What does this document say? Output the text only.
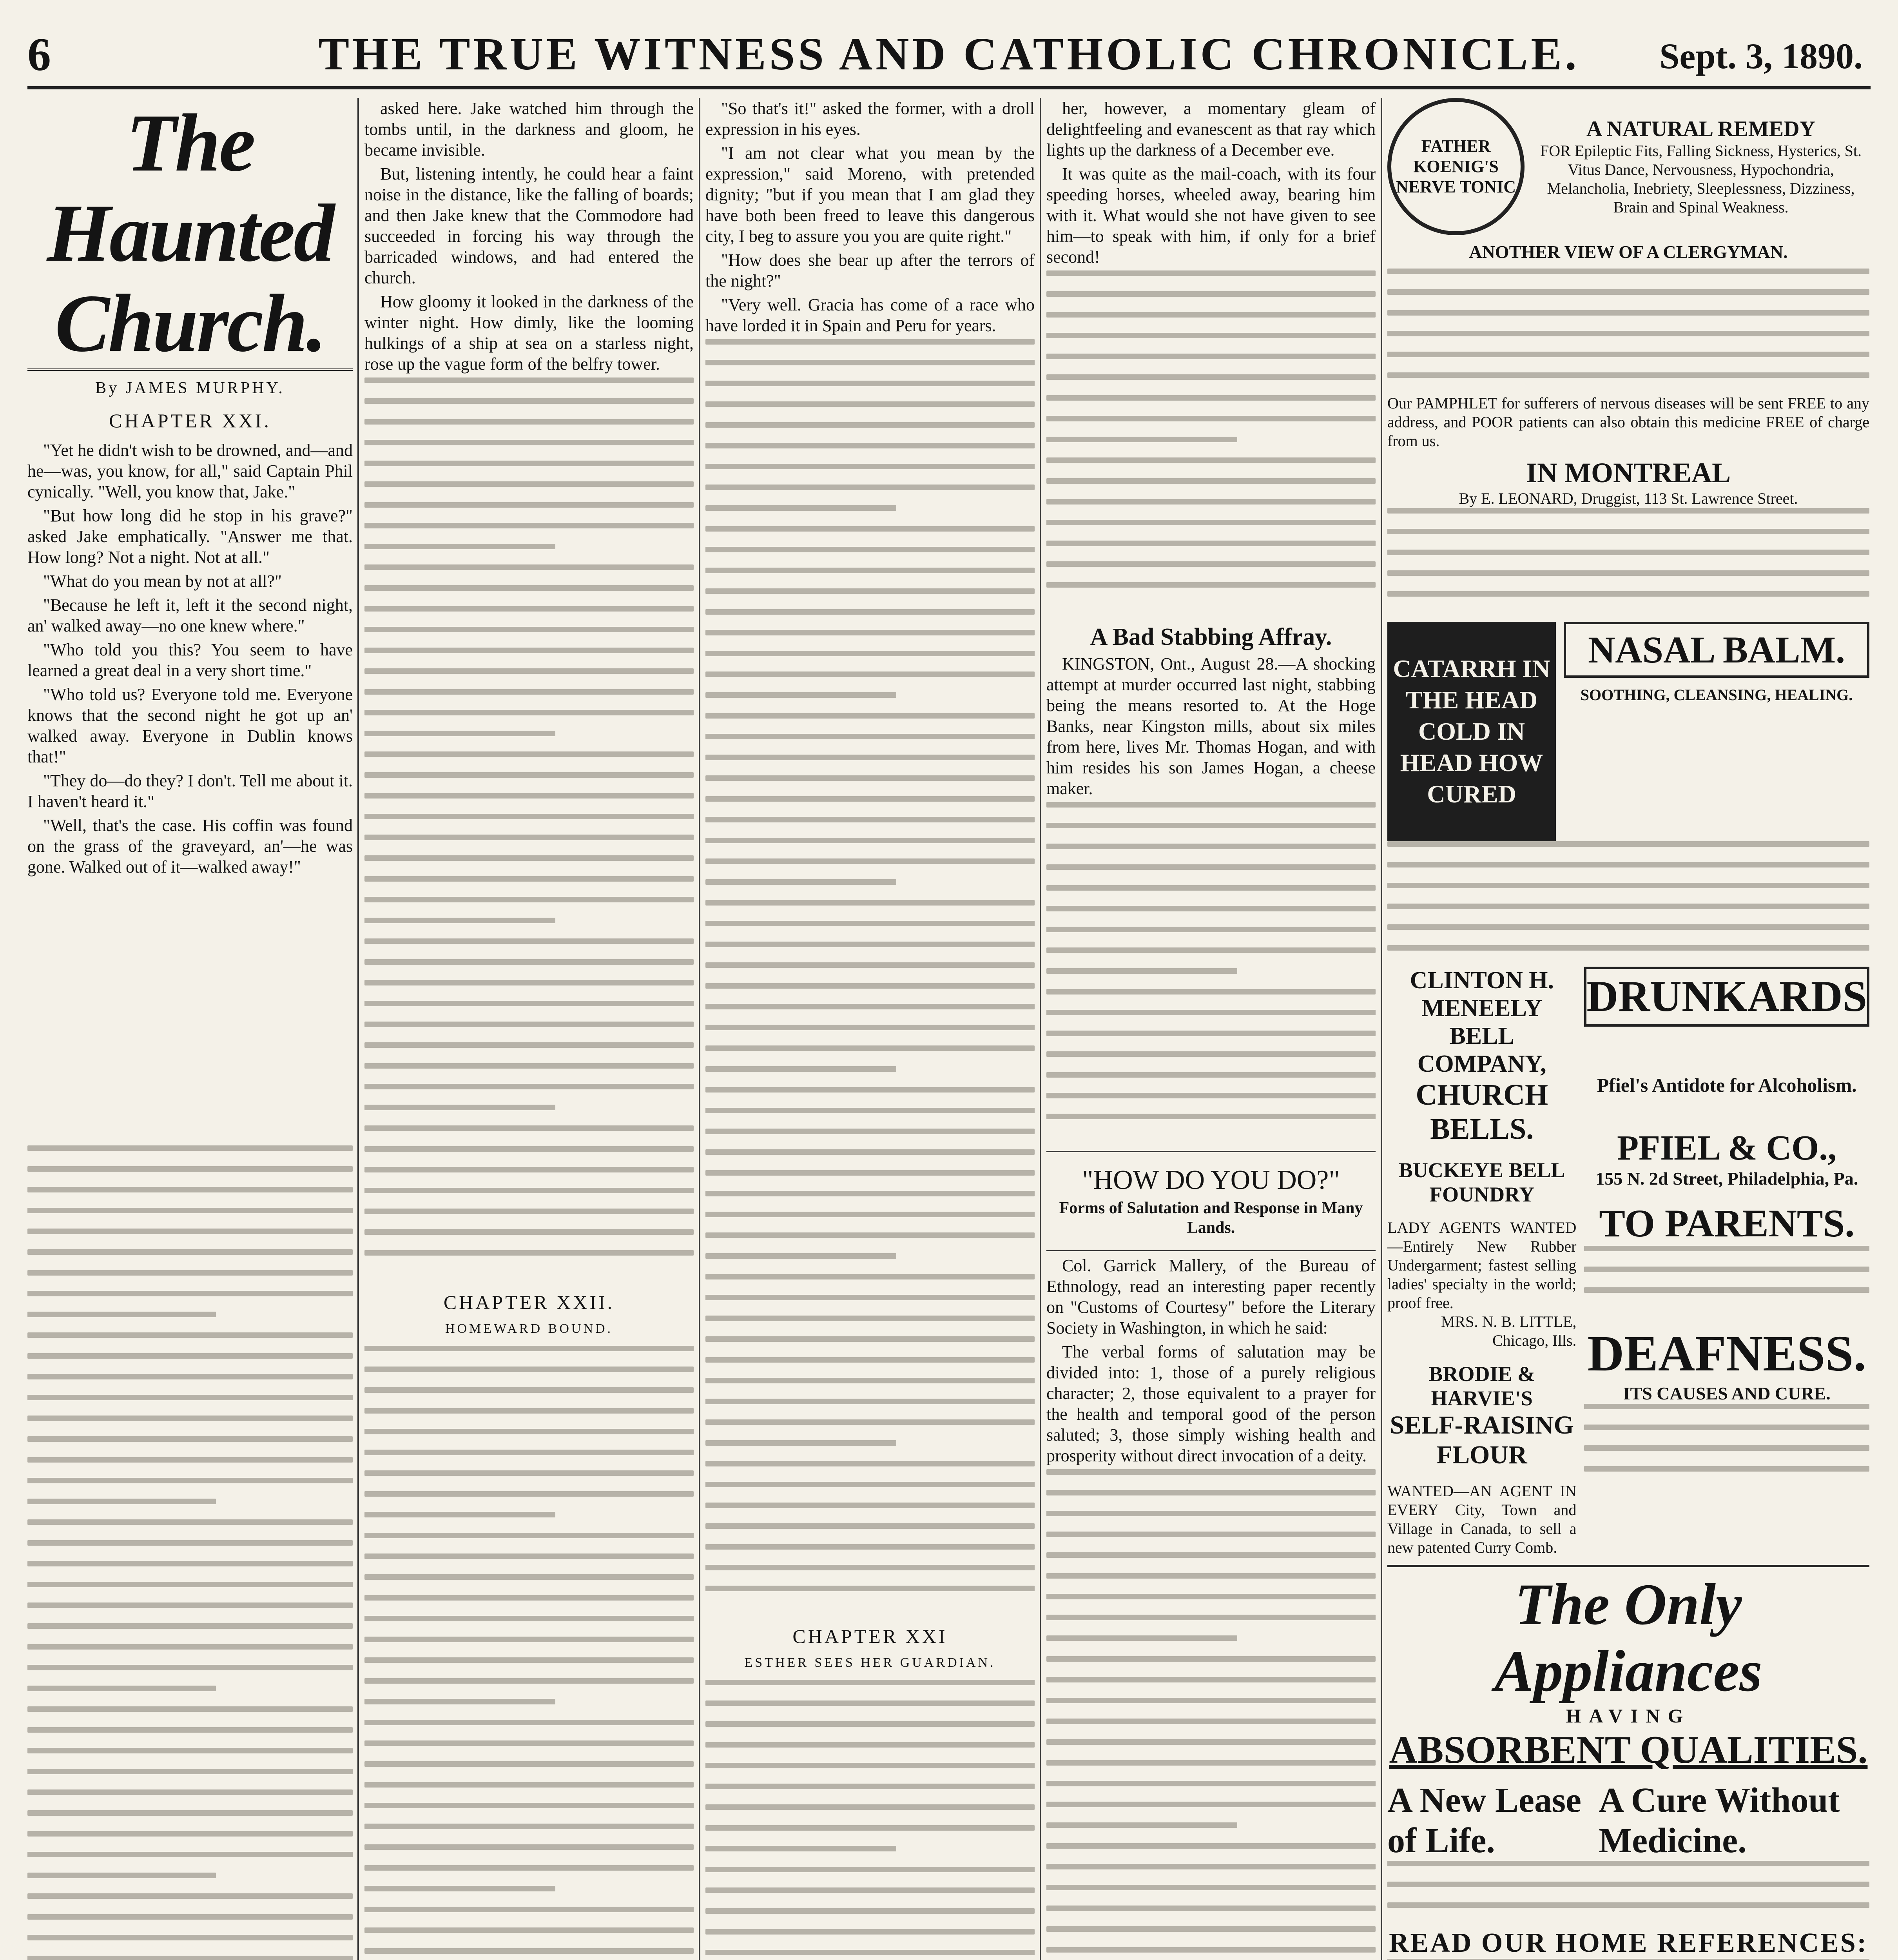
6	THE TRUE WITNESS AND CATHOLIC CHRONICLE.	Sept. 3, 1890.
The Haunted Church.
By JAMES MURPHY.
CHAPTER XXI.

"Yet he didn't wish to be drowned, and—and he—was, you know, for all," said Captain Phil cynically. "Well, you know that, Jake."

"But how long did he stop in his grave?" asked Jake emphatically. "Answer me that. How long? Not a night. Not at all."

"What do you mean by not at all?"

"Because he left it, left it the second night, an' walked away—no one knew where."

"Who told you this? You seem to have learned a great deal in a very short time."

"Who told us? Everyone told me. Everyone knows that the second night he got up an' walked away. Everyone in Dublin knows that!"

"They do—do they? I don't. Tell me about it. I haven't heard it."

"Well, that's the case. His coffin was found on the grass of the graveyard, an'—he was gone. Walked out of it—walked away!"

asked here. Jake watched him through the tombs until, in the darkness and gloom, he became invisible.

But, listening intently, he could hear a faint noise in the distance, like the falling of boards; and then Jake knew that the Commodore had succeeded in forcing his way through the barricaded windows, and had entered the church.

How gloomy it looked in the darkness of the winter night. How dimly, like the looming hulkings of a ship at sea on a starless night, rose up the vague form of the belfry tower.

CHAPTER XXII.
HOMEWARD BOUND.

"So that's it!" asked the former, with a droll expression in his eyes.

"I am not clear what you mean by the expression," said Moreno, with pretended dignity; "but if you mean that I am glad they have both been freed to leave this dangerous city, I beg to assure you you are quite right."

"How does she bear up after the terrors of the night?"

"Very well. Gracia has come of a race who have lorded it in Spain and Peru for years.

CHAPTER XXI
ESTHER SEES HER GUARDIAN.

her, however, a momentary gleam of delightfeeling and evanescent as that ray which lights up the darkness of a December eve.

It was quite as the mail-coach, with its four speeding horses, wheeled away, bearing him with it. What would she not have given to see him—to speak with him, if only for a brief second!

A Bad Stabbing Affray.

KINGSTON, Ont., August 28.—A shocking attempt at murder occurred last night, stabbing being the means resorted to. At the Hoge Banks, near Kingston mills, about six miles from here, lives Mr. Thomas Hogan, and with him resides his son James Hogan, a cheese maker.

"HOW DO YOU DO?"
Forms of Salutation and Response in Many Lands.

Col. Garrick Mallery, of the Bureau of Ethnology, read an interesting paper recently on "Customs of Courtesy" before the Literary Society in Washington, in which he said:

The verbal forms of salutation may be divided into: 1, those of a purely religious character; 2, those equivalent to a prayer for the health and temporal good of the person saluted; 3, those simply wishing health and prosperity without direct invocation of a deity.

FATHER KOENIG'S NERVE TONIC
A NATURAL REMEDY
FOR Epileptic Fits, Falling Sickness, Hysterics, St. Vitus Dance, Nervousness, Hypochondria, Melancholia, Inebriety, Sleeplessness, Dizziness, Brain and Spinal Weakness.
ANOTHER VIEW OF A CLERGYMAN.
Our PAMPHLET for sufferers of nervous diseases will be sent FREE to any address, and POOR patients can also obtain this medicine FREE of charge from us.
IN MONTREAL
By E. LEONARD, Druggist, 113 St. Lawrence Street.
CATARRH IN THE HEAD COLD IN HEAD HOW CURED
NASAL BALM.
SOOTHING, CLEANSING, HEALING.
CLINTON H. MENEELY BELL COMPANY,
CHURCH BELLS.
BUCKEYE BELL FOUNDRY
LADY AGENTS WANTED—Entirely New Rubber Undergarment; fastest selling ladies' specialty in the world; proof free.
MRS. N. B. LITTLE, Chicago, Ills.
BRODIE & HARVIE'S
SELF-RAISING FLOUR
WANTED—AN AGENT IN EVERY City, Town and Village in Canada, to sell a new patented Curry Comb.
DRUNKARDS
Pfiel's Antidote for Alcoholism.
PFIEL & CO.,
155 N. 2d Street, Philadelphia, Pa.
TO PARENTS.
DEAFNESS.
ITS CAUSES AND CURE.
The Only Appliances
HAVING
ABSORBENT QUALITIES.
A New Lease of Life.
A Cure Without Medicine.
READ OUR HOME REFERENCES:
